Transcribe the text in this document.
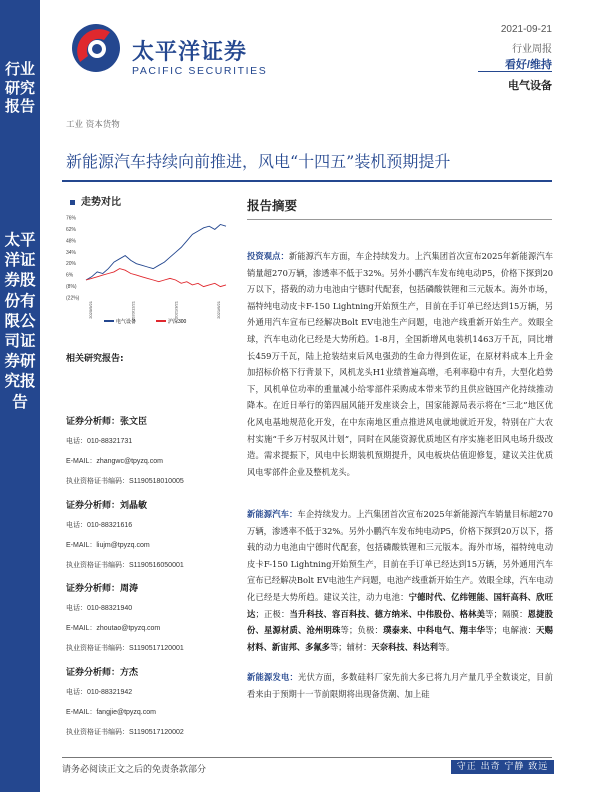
行业研究报告
太平洋证券股份有限公司证券研究报告
太平洋证券
PACIFIC SECURITIES
2021-09-21
行业周报
看好/维持
电气设备
工业 资本货物
新能源汽车持续向前推进，风电“十四五”装机预期提升
走势对比
76%
62%
48%
34%
20%
6%
(8%)
(22%)
2020/9/21	2020/12/21	2021/3/21	2021/6/21
电气设备	沪深300
相关研究报告:
证券分析师：张文臣
电话：010-88321731
E-MAIL：zhangwc@tpyzq.com
执业资格证书编码：S1190518010005
证券分析师：刘晶敏
电话：010-88321616
E-MAIL：liujm@tpyzq.com
执业资格证书编码：S1190516050001
证券分析师：周涛
电话：010-88321940
E-MAIL：zhoutao@tpyzq.com
执业资格证书编码：S1190517120001
证券分析师：方杰
电话：010-88321942
E-MAIL：fangjie@tpyzq.com
执业资格证书编码：S1190517120002
报告摘要
投资观点：新能源汽车方面，车企持续发力。上汽集团首次宣布2025年新能源汽车销量超270万辆，渗透率不低于32%。另外小鹏汽车发布纯电动P5，价格下探到20万以下，搭载的动力电池由宁德时代配套，包括磷酸铁锂和三元版本。海外市场，福特纯电动皮卡F-150 Lightning开始预生产，目前在手订单已经达到15万辆，另外通用汽车宣布已经解决Bolt EV电池生产问题，电池产线重新开始生产。效眼全球，汽车电动化已经是大势所趋。1-8月，全国新增风电装机1463万千瓦，同比增长459万千瓦，陆上抢装结束后风电强劲的生命力得到佐证，在原材料成本上升金加招标价格下行背景下，风机龙头H1业绩普遍高增，毛利率稳中有升，大型化趋势下，风机单位功率的重量减小给零部件采购成本带来节约且供应链国产化持续推动降本。在近日举行的第四届风能开发座谈会上，国家能源局表示将在“三北”地区优化风电基地规范化开发，在中东南地区重点推进风电就地就近开发，特别在广大农村实施“千乡万村驭风计划”，同时在风能资源优质地区有序实施老旧风电场升级改造。需求提振下，风电中长期装机预期提升，风电板块估值迎修复，建议关注优质风电零部件企业及整机龙头。
新能源汽车：车企持续发力。上汽集团首次宣布2025年新能源汽车销量目标超270万辆，渗透率不低于32%。另外小鹏汽车发布纯电动P5，价格下探到20万以下，搭载的动力电池由宁德时代配套，包括磷酸铁锂和三元版本。海外市场，福特纯电动皮卡F-150 Lightning开始预生产，目前在手订单已经达到15万辆，另外通用汽车宣布已经解决Bolt EV电池生产问题，电池产线重新开始生产。效眼全球，汽车电动化已经是大势所趋。建议关注，动力电池：宁德时代、亿纬锂能、国轩高科、欣旺达；正极：当升科技、容百科技、德方纳米、中伟股份、格林美等；隔膜：恩捷股份、星源材质、沧州明珠等；负极：璞泰来、中科电气、翔丰华等；电解液：天赐材料、新宙邦、多氟多等；辅材：天奈科技、科达利等。
新能源发电：光伏方面，多数硅料厂家先前大多已将九月产量几乎全数谈定，目前看来由于预期十一节前限期将出现备货潮、加上硅
请务必阅读正文之后的免责条款部分	守正 出奇 宁静 致远
